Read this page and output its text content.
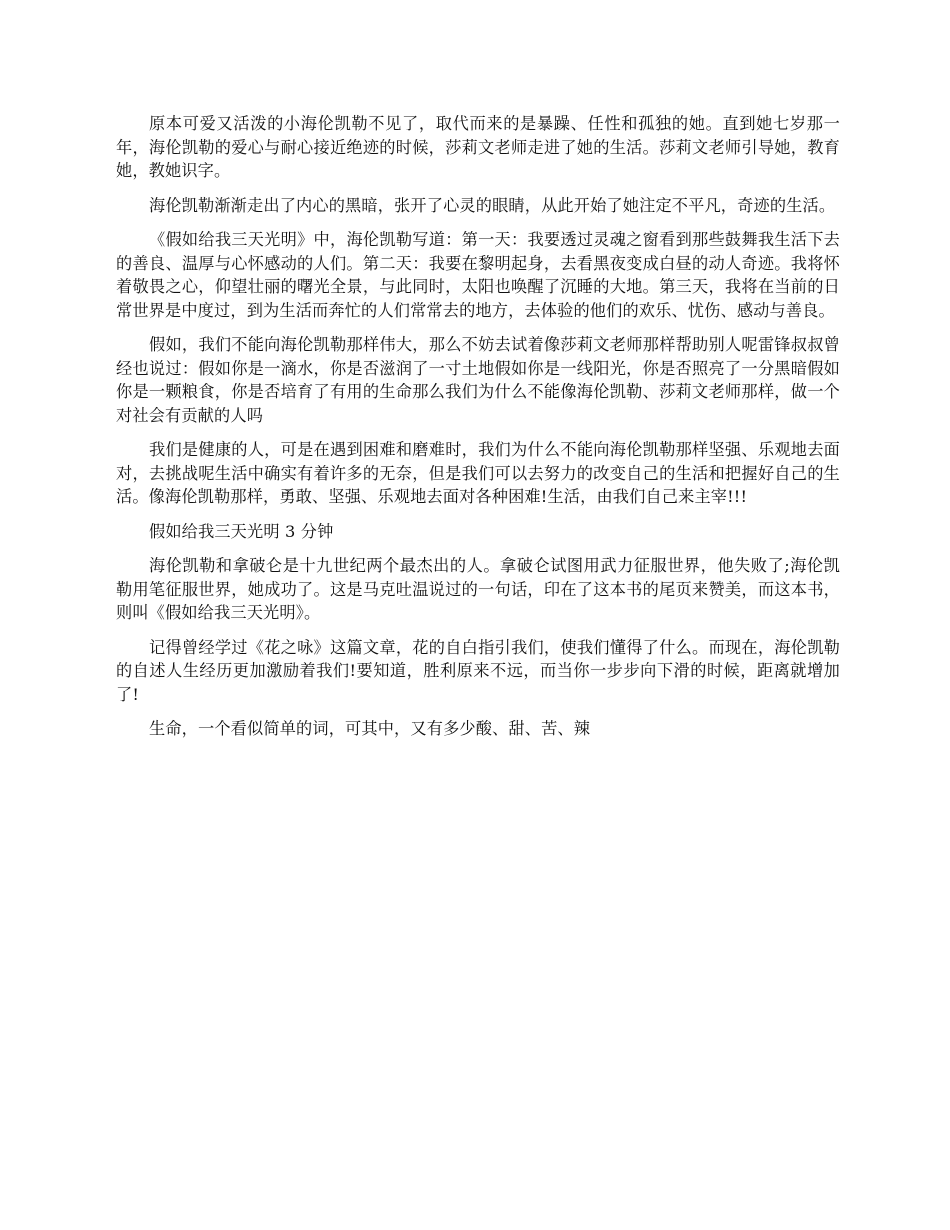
原本可爱又活泼的小海伦凯勒不见了，取代而来的是暴躁、任性和孤独的她。直到她七岁那一年，海伦凯勒的爱心与耐心接近绝迹的时候，莎莉文老师走进了她的生活。莎莉文老师引导她，教育她，教她识字。

海伦凯勒渐渐走出了内心的黑暗，张开了心灵的眼睛，从此开始了她注定不平凡，奇迹的生活。

《假如给我三天光明》中，海伦凯勒写道：第一天：我要透过灵魂之窗看到那些鼓舞我生活下去的善良、温厚与心怀感动的人们。第二天：我要在黎明起身，去看黑夜变成白昼的动人奇迹。我将怀着敬畏之心，仰望壮丽的曙光全景，与此同时，太阳也唤醒了沉睡的大地。第三天，我将在当前的日常世界是中度过，到为生活而奔忙的人们常常去的地方，去体验的他们的欢乐、忧伤、感动与善良。

假如，我们不能向海伦凯勒那样伟大，那么不妨去试着像莎莉文老师那样帮助别人呢雷锋叔叔曾经也说过：假如你是一滴水，你是否滋润了一寸土地假如你是一线阳光，你是否照亮了一分黑暗假如你是一颗粮食，你是否培育了有用的生命那么我们为什么不能像海伦凯勒、莎莉文老师那样，做一个对社会有贡献的人吗

我们是健康的人，可是在遇到困难和磨难时，我们为什么不能向海伦凯勒那样坚强、乐观地去面对，去挑战呢生活中确实有着许多的无奈，但是我们可以去努力的改变自己的生活和把握好自己的生活。像海伦凯勒那样，勇敢、坚强、乐观地去面对各种困难!生活，由我们自己来主宰!!!

假如给我三天光明 3 分钟

海伦凯勒和拿破仑是十九世纪两个最杰出的人。拿破仑试图用武力征服世界，他失败了;海伦凯勒用笔征服世界，她成功了。这是马克吐温说过的一句话，印在了这本书的尾页来赞美，而这本书，则叫《假如给我三天光明》。

记得曾经学过《花之咏》这篇文章，花的自白指引我们，使我们懂得了什么。而现在，海伦凯勒的自述人生经历更加激励着我们!要知道，胜利原来不远，而当你一步步向下滑的时候，距离就增加了!

生命，一个看似简单的词，可其中，又有多少酸、甜、苦、辣
